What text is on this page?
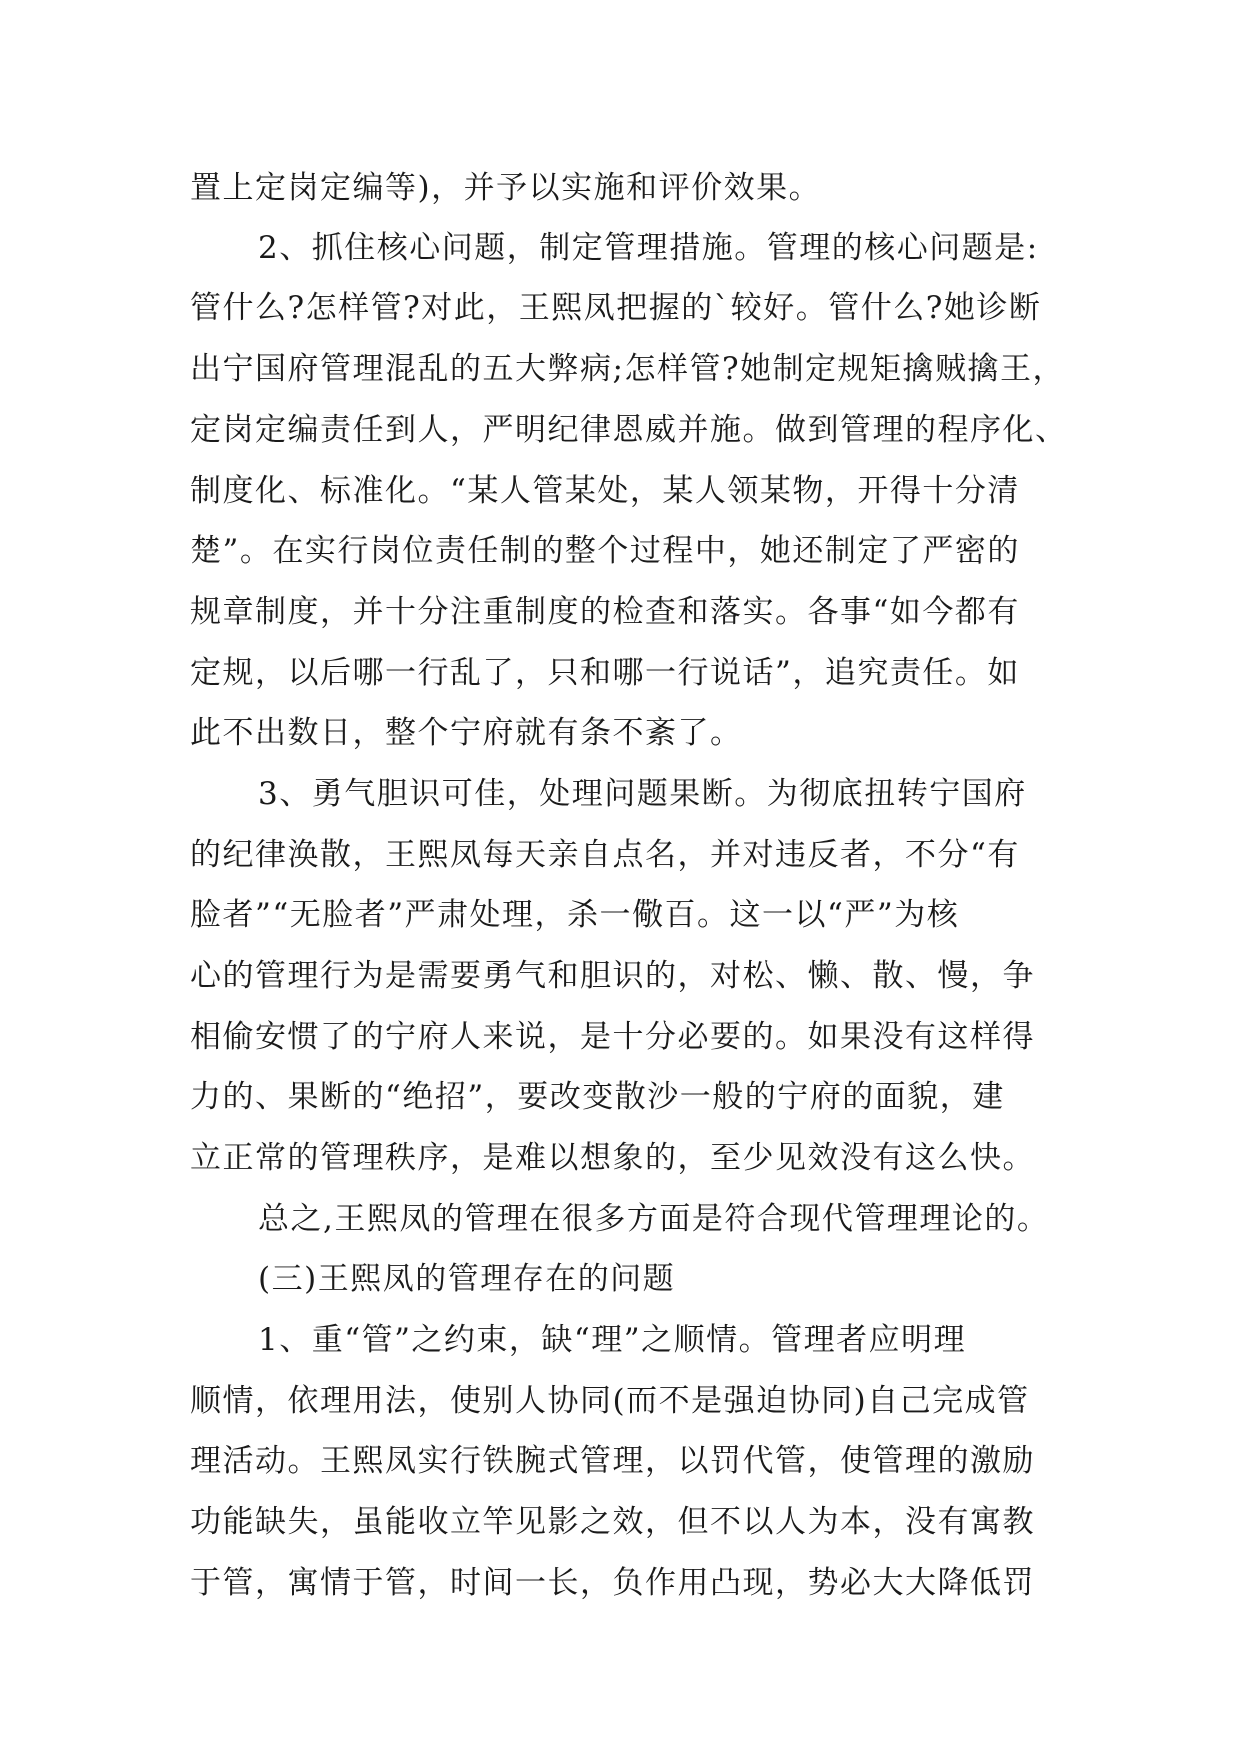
置上定岗定编等)，并予以实施和评价效果。
2、抓住核心问题，制定管理措施。管理的核心问题是:
管什么?怎样管?对此，王熙凤把握的`较好。管什么?她诊断
出宁国府管理混乱的五大弊病;怎样管?她制定规矩擒贼擒王，
定岗定编责任到人，严明纪律恩威并施。做到管理的程序化、
制度化、标准化。“某人管某处，某人领某物，开得十分清
楚”。在实行岗位责任制的整个过程中，她还制定了严密的
规章制度，并十分注重制度的检查和落实。各事“如今都有
定规，以后哪一行乱了，只和哪一行说话”，追究责任。如
此不出数日，整个宁府就有条不紊了。
3、勇气胆识可佳，处理问题果断。为彻底扭转宁国府
的纪律涣散，王熙凤每天亲自点名，并对违反者，不分“有
脸者”“无脸者”严肃处理，杀一儆百。这一以“严”为核
心的管理行为是需要勇气和胆识的，对松、懒、散、慢，争
相偷安惯了的宁府人来说，是十分必要的。如果没有这样得
力的、果断的“绝招”，要改变散沙一般的宁府的面貌，建
立正常的管理秩序，是难以想象的，至少见效没有这么快。
总之,王熙凤的管理在很多方面是符合现代管理理论的。
(三)王熙凤的管理存在的问题
1、重“管”之约束，缺“理”之顺情。管理者应明理
顺情，依理用法，使别人协同(而不是强迫协同)自己完成管
理活动。王熙凤实行铁腕式管理，以罚代管，使管理的激励
功能缺失，虽能收立竿见影之效，但不以人为本，没有寓教
于管，寓情于管，时间一长，负作用凸现，势必大大降低罚
